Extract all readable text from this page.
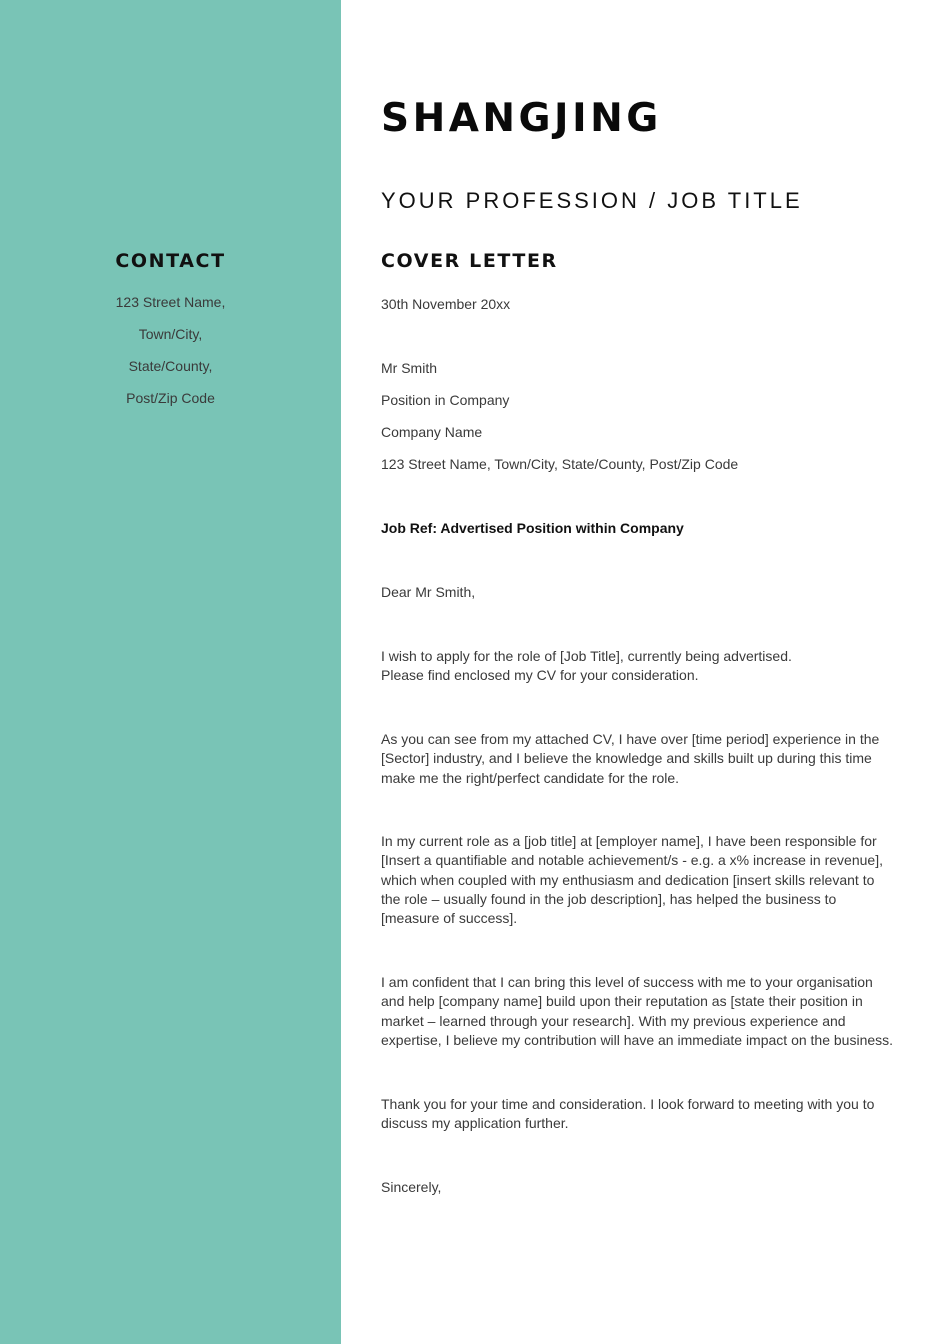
CONTACT
123 Street Name,
Town/City,
State/County,
Post/Zip Code
SHANGJING
YOUR PROFESSION / JOB TITLE
COVER LETTER
30th November 20xx
Mr Smith
Position in Company
Company Name
123 Street Name, Town/City, State/County, Post/Zip Code
Job Ref: Advertised Position within Company
Dear Mr Smith,
I wish to apply for the role of [Job Title], currently being advertised.
Please find enclosed my CV for your consideration.
As you can see from my attached CV, I have over [time period] experience in the
[Sector] industry, and I believe the knowledge and skills built up during this time
make me the right/perfect candidate for the role.
In my current role as a [job title] at [employer name], I have been responsible for
[Insert a quantifiable and notable achievement/s - e.g. a x% increase in revenue],
which when coupled with my enthusiasm and dedication [insert skills relevant to
the role – usually found in the job description], has helped the business to
[measure of success].
I am confident that I can bring this level of success with me to your organisation
and help [company name] build upon their reputation as [state their position in
market – learned through your research]. With my previous experience and
expertise, I believe my contribution will have an immediate impact on the business.
Thank you for your time and consideration. I look forward to meeting with you to
discuss my application further.
Sincerely,
